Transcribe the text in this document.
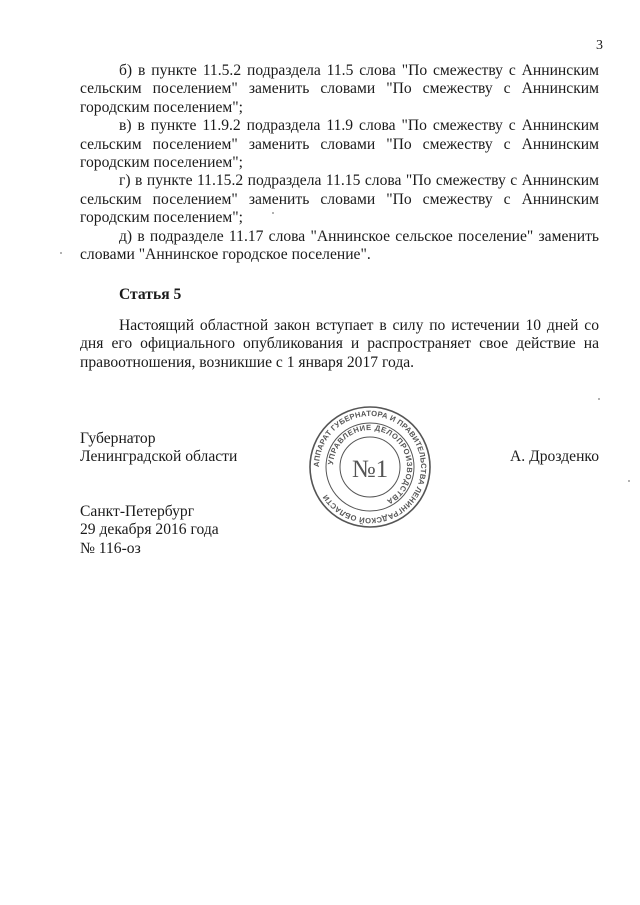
3

б) в пункте 11.5.2 подраздела 11.5 слова "По смежеству с Аннинским сельским поселением" заменить словами "По смежеству с Аннинским городским поселением";

в) в пункте 11.9.2 подраздела 11.9 слова "По смежеству с Аннинским сельским поселением" заменить словами "По смежеству с Аннинским городским поселением";

г) в пункте 11.15.2 подраздела 11.15 слова "По смежеству с Аннинским сельским поселением" заменить словами "По смежеству с Аннинским городским поселением";

д) в подразделе 11.17 слова "Аннинское сельское поселение" заменить словами "Аннинское городское поселение".

Статья 5

Настоящий областной закон вступает в силу по истечении 10 дней со дня его официального опубликования и распространяет свое действие на правоотношения, возникшие с 1 января 2017 года.

Губернатор
Ленинградской области	А. Дрозденко
АППАРАТ ГУБЕРНАТОРА И ПРАВИТЕЛЬСТВА ЛЕНИНГРАДСКОЙ ОБЛАСТИ
УПРАВЛЕНИЕ ДЕЛОПРОИЗВОДСТВА
№1
Санкт-Петербург
29 декабря 2016 года
№ 116-оз
